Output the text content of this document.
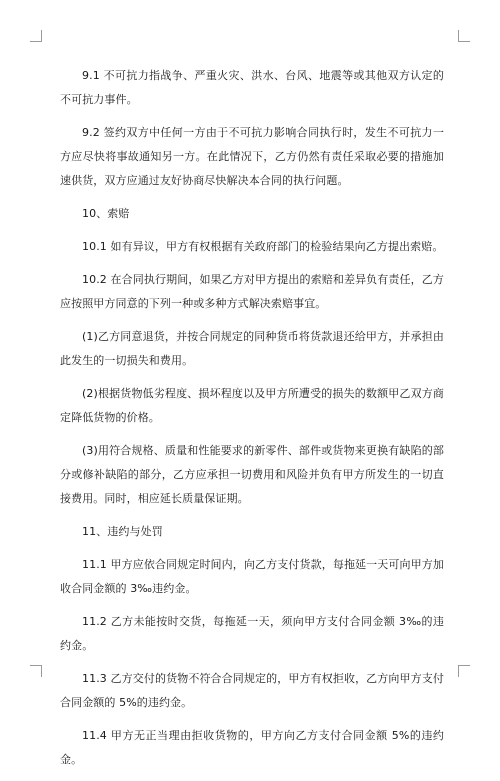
9.1 不可抗力指战争、严重火灾、洪水、台风、地震等或其他双方认定的不可抗力事件。

9.2 签约双方中任何一方由于不可抗力影响合同执行时，发生不可抗力一方应尽快将事故通知另一方。在此情况下，乙方仍然有责任采取必要的措施加速供货，双方应通过友好协商尽快解决本合同的执行问题。

10、索赔

10.1 如有异议，甲方有权根据有关政府部门的检验结果向乙方提出索赔。

10.2 在合同执行期间，如果乙方对甲方提出的索赔和差异负有责任，乙方应按照甲方同意的下列一种或多种方式解决索赔事宜。

(1)乙方同意退货，并按合同规定的同种货币将货款退还给甲方，并承担由此发生的一切损失和费用。

(2)根据货物低劣程度、损坏程度以及甲方所遭受的损失的数额甲乙双方商定降低货物的价格。

(3)用符合规格、质量和性能要求的新零件、部件或货物来更换有缺陷的部分或修补缺陷的部分，乙方应承担一切费用和风险并负有甲方所发生的一切直接费用。同时，相应延长质量保证期。

11、违约与处罚

11.1 甲方应依合同规定时间内，向乙方支付货款，每拖延一天可向甲方加收合同金额的 3‰违约金。

11.2 乙方未能按时交货，每拖延一天，须向甲方支付合同金额 3‰的违约金。

11.3 乙方交付的货物不符合合同规定的，甲方有权拒收，乙方向甲方支付合同金额的 5%的违约金。

11.4 甲方无正当理由拒收货物的，甲方向乙方支付合同金额 5%的违约金。
